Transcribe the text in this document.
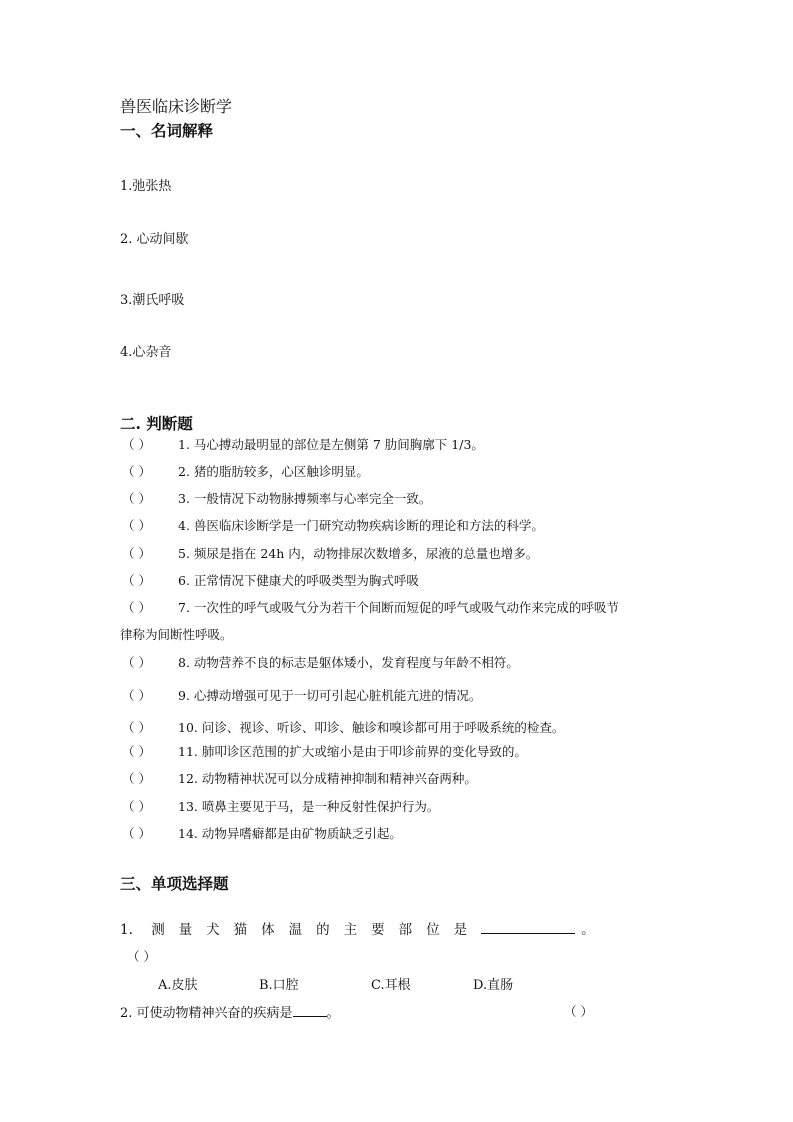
兽医临床诊断学
一、名词解释
1.弛张热
2. 心动间歇
3.潮氏呼吸
4.心杂音
二. 判断题
（ ） 1. 马心搏动最明显的部位是左侧第 7 肋间胸廓下 1/3。
（ ） 2. 猪的脂肪较多，心区触诊明显。
（ ） 3. 一般情况下动物脉搏频率与心率完全一致。
（ ） 4. 兽医临床诊断学是一门研究动物疾病诊断的理论和方法的科学。
（ ） 5. 频尿是指在 24h 内，动物排尿次数增多，尿液的总量也增多。
（ ） 6. 正常情况下健康犬的呼吸类型为胸式呼吸
（ ） 7. 一次性的呼气或吸气分为若干个间断而短促的呼气或吸气动作来完成的呼吸节
律称为间断性呼吸。
（ ） 8. 动物营养不良的标志是躯体矮小，发育程度与年龄不相符。
（ ） 9. 心搏动增强可见于一切可引起心脏机能亢进的情况。
（ ） 10. 问诊、视诊、听诊、叩诊、触诊和嗅诊都可用于呼吸系统的检查。
（ ） 11. 肺叩诊区范围的扩大或缩小是由于叩诊前界的变化导致的。
（ ） 12. 动物精神状况可以分成精神抑制和精神兴奋两种。
（ ） 13. 喷鼻主要见于马，是一种反射性保护行为。
（ ） 14. 动物异嗜癖都是由矿物质缺乏引起。
三、单项选择题
1. 测量犬猫体温的主要部位是	。
（ ）
A.皮肤	B.口腔	C.耳根	D.直肠
2. 可使动物精神兴奋的疾病是	。	（ ）
